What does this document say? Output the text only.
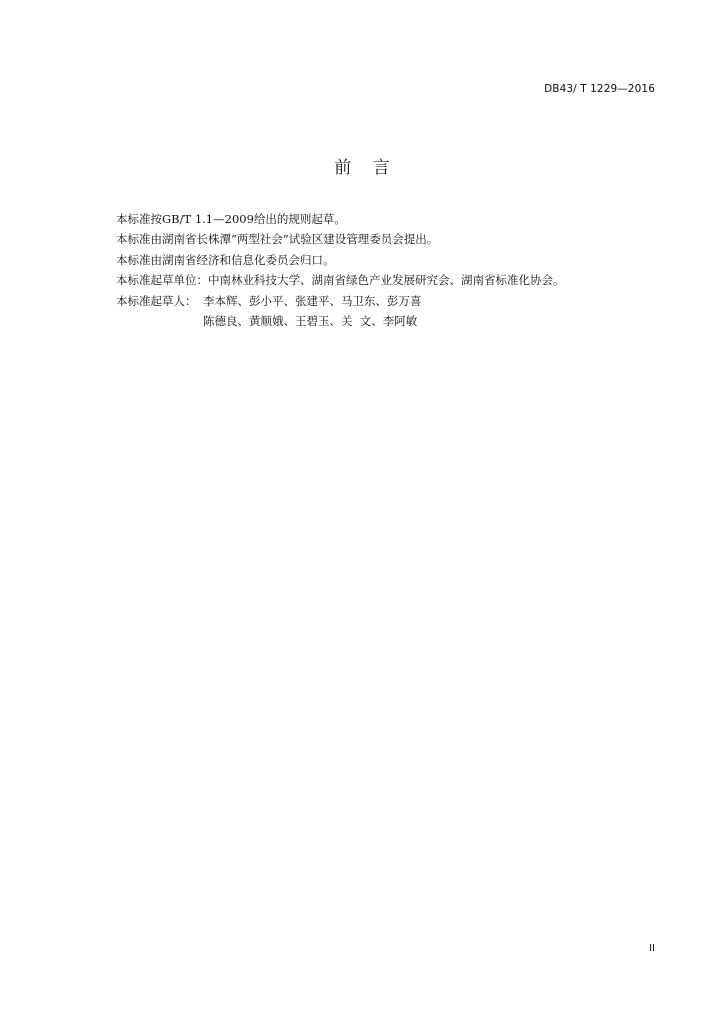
DB43/ T 1229—2016
前    言

本标准按GB/T 1.1—2009给出的规则起草。

本标准由湖南省长株潭“两型社会”试验区建设管理委员会提出。

本标准由湖南省经济和信息化委员会归口。

本标准起草单位：中南林业科技大学、湖南省绿色产业发展研究会、湖南省标准化协会。

本标准起草人： 李本辉、彭小平、张建平、马卫东、彭万喜
陈德良、黄顺娥、王碧玉、关  文、李阿敏
II
